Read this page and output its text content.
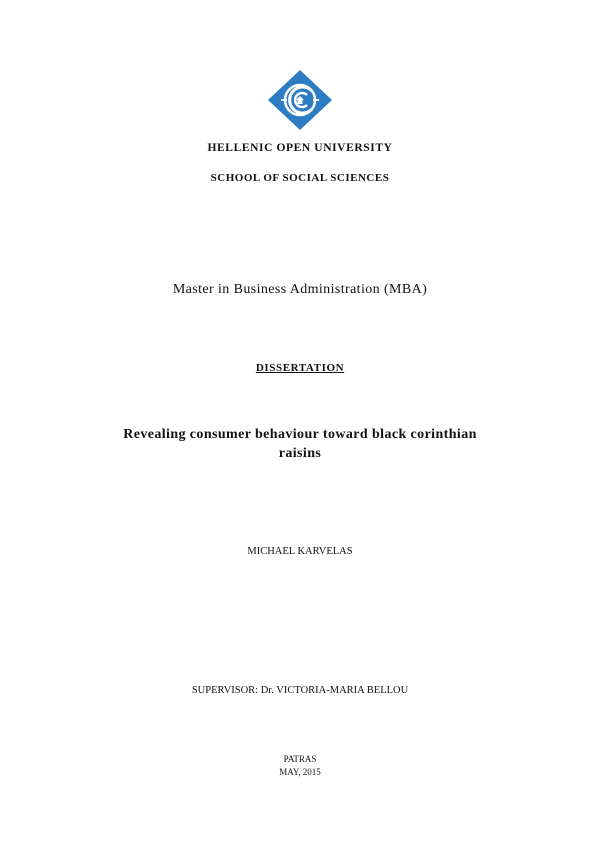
HELLENIC OPEN UNIVERSITY
SCHOOL OF SOCIAL SCIENCES
Master in Business Administration (MBA)
DISSERTATION
Revealing consumer behaviour toward black corinthian
raisins
MICHAEL KARVELAS
SUPERVISOR: Dr. VICTORIA-MARIA BELLOU
PATRAS
MAY, 2015
